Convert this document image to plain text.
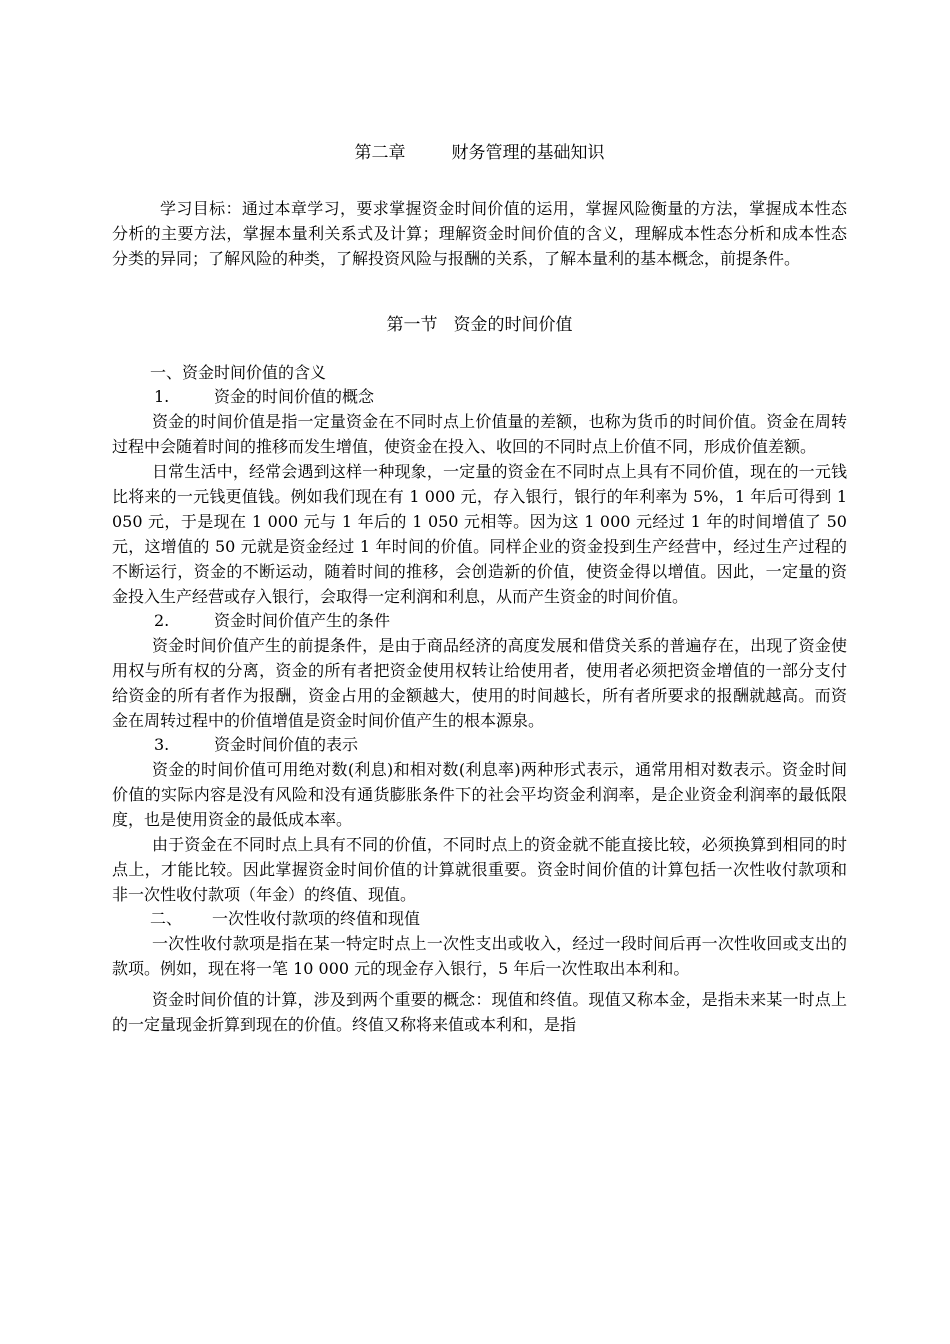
第二章	财务管理的基础知识

学习目标：通过本章学习，要求掌握资金时间价值的运用，掌握风险衡量的方法，掌握成本性态分析的主要方法，掌握本量利关系式及计算；理解资金时间价值的含义，理解成本性态分析和成本性态分类的异同；了解风险的种类，了解投资风险与报酬的关系，了解本量利的基本概念，前提条件。

第一节 资金的时间价值

一、资金时间价值的含义

1.	资金的时间价值的概念

资金的时间价值是指一定量资金在不同时点上价值量的差额，也称为货币的时间价值。资金在周转过程中会随着时间的推移而发生增值，使资金在投入、收回的不同时点上价值不同，形成价值差额。

日常生活中，经常会遇到这样一种现象，一定量的资金在不同时点上具有不同价值，现在的一元钱比将来的一元钱更值钱。例如我们现在有 1 000 元，存入银行，银行的年利率为 5%，1 年后可得到 1 050 元，于是现在 1 000 元与 1 年后的 1 050 元相等。因为这 1 000 元经过 1 年的时间增值了 50 元，这增值的 50 元就是资金经过 1 年时间的价值。同样企业的资金投到生产经营中，经过生产过程的不断运行，资金的不断运动，随着时间的推移，会创造新的价值，使资金得以增值。因此，一定量的资金投入生产经营或存入银行，会取得一定利润和利息，从而产生资金的时间价值。

2.	资金时间价值产生的条件

资金时间价值产生的前提条件，是由于商品经济的高度发展和借贷关系的普遍存在，出现了资金使用权与所有权的分离，资金的所有者把资金使用权转让给使用者，使用者必须把资金增值的一部分支付给资金的所有者作为报酬，资金占用的金额越大，使用的时间越长，所有者所要求的报酬就越高。而资金在周转过程中的价值增值是资金时间价值产生的根本源泉。

3.	资金时间价值的表示

资金的时间价值可用绝对数(利息)和相对数(利息率)两种形式表示，通常用相对数表示。资金时间价值的实际内容是没有风险和没有通货膨胀条件下的社会平均资金利润率，是企业资金利润率的最低限度，也是使用资金的最低成本率。

由于资金在不同时点上具有不同的价值，不同时点上的资金就不能直接比较，必须换算到相同的时点上，才能比较。因此掌握资金时间价值的计算就很重要。资金时间价值的计算包括一次性收付款项和非一次性收付款项（年金）的终值、现值。

二、 一次性收付款项的终值和现值

一次性收付款项是指在某一特定时点上一次性支出或收入，经过一段时间后再一次性收回或支出的款项。例如，现在将一笔 10 000 元的现金存入银行，5 年后一次性取出本利和。

资金时间价值的计算，涉及到两个重要的概念：现值和终值。现值又称本金，是指未来某一时点上的一定量现金折算到现在的价值。终值又称将来值或本利和，是指
